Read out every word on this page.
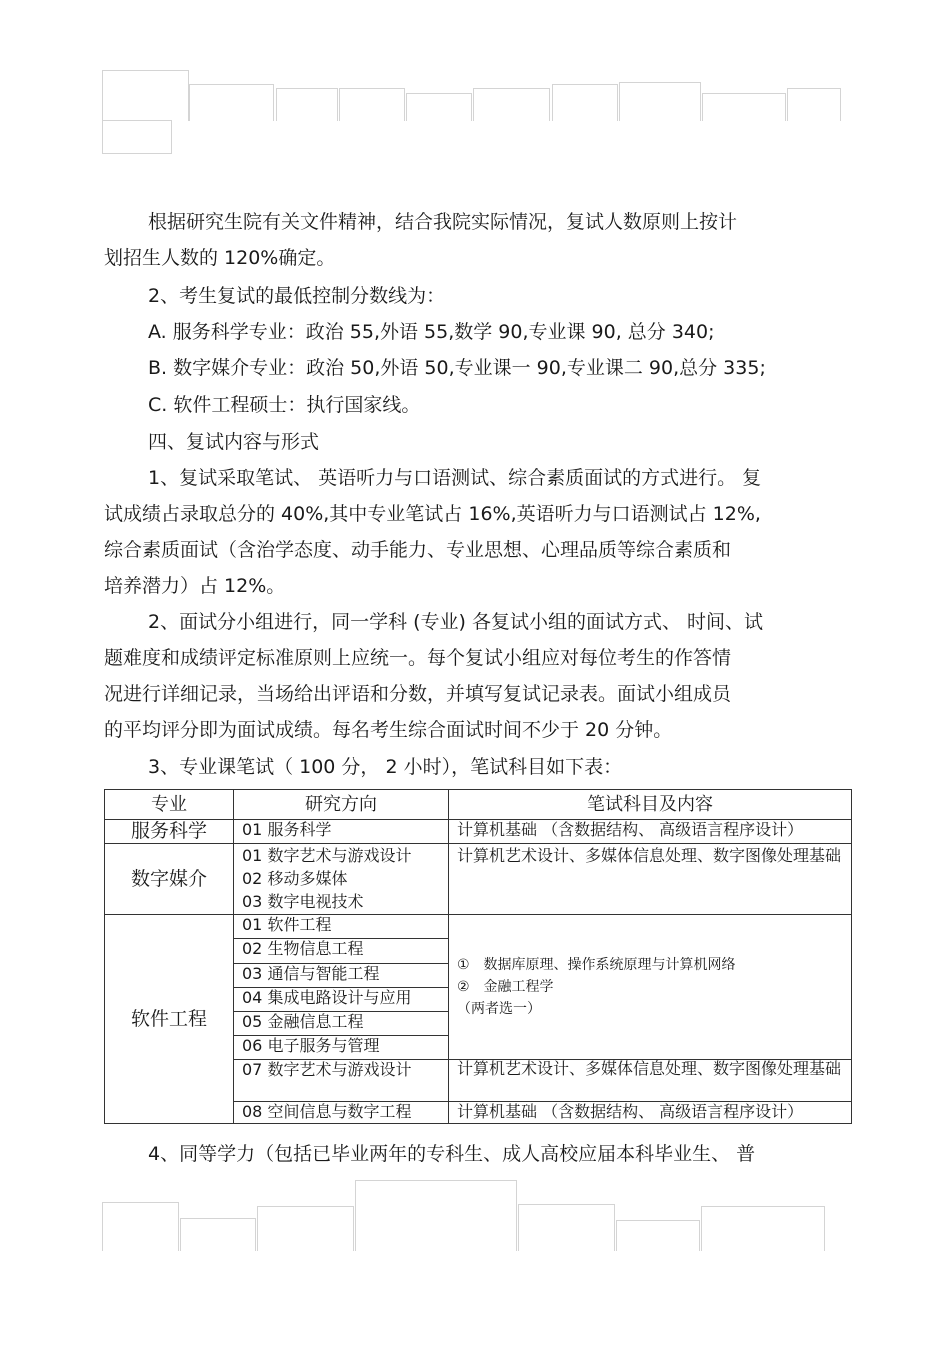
根据研究生院有关文件精神，结合我院实际情况，复试人数原则上按计
划招生人数的 120%确定。
2、考生复试的最低控制分数线为：
A. 服务科学专业：政治 55,外语 55,数学 90,专业课 90, 总分 340;
B. 数字媒介专业：政治 50,外语 50,专业课一 90,专业课二 90,总分 335;
C. 软件工程硕士：执行国家线。
四、复试内容与形式
1、复试采取笔试、 英语听力与口语测试、综合素质面试的方式进行。 复
试成绩占录取总分的 40%,其中专业笔试占 16%,英语听力与口语测试占 12%,
综合素质面试（含治学态度、动手能力、专业思想、心理品质等综合素质和
培养潜力）占 12%。
2、面试分小组进行，同一学科 (专业) 各复试小组的面试方式、 时间、试
题难度和成绩评定标准原则上应统一。每个复试小组应对每位考生的作答情
况进行详细记录，当场给出评语和分数，并填写复试记录表。面试小组成员
的平均评分即为面试成绩。每名考生综合面试时间不少于 20 分钟。
3、专业课笔试（ 100 分， 2 小时），笔试科目如下表：
4、同等学力（包括已毕业两年的专科生、成人高校应届本科毕业生、 普
专业	研究方向	笔试科目及内容
服务科学	01 服务科学	计算机基础 （含数据结构、 高级语言程序设计）
数字媒介	01 数字艺术与游戏设计
02 移动多媒体
03 数字电视技术	计算机艺术设计、多媒体信息处理、数字图像处理基础
软件工程	01 软件工程	①　数据库原理、操作系统原理与计算机网络
②　金融工程学
（两者选一）

	02 生物信息工程	
	03 通信与智能工程	
	04 集成电路设计与应用	
	05 金融信息工程	
	06 电子服务与管理	
	07 数字艺术与游戏设计	计算机艺术设计、多媒体信息处理、数字图像处理基础
	08 空间信息与数字工程	计算机基础 （含数据结构、 高级语言程序设计）
